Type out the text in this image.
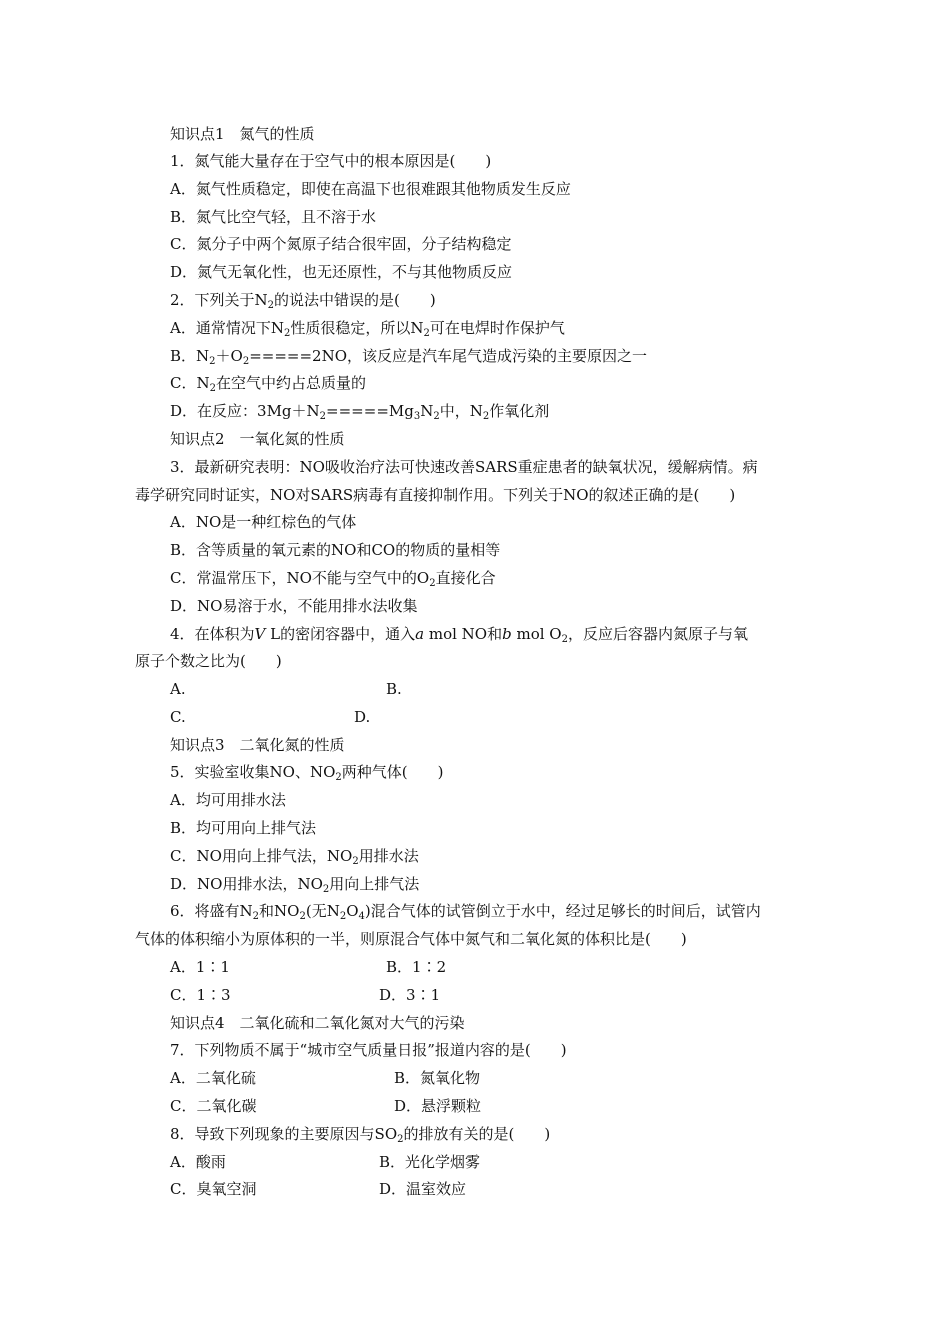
知识点1　氮气的性质
1．氮气能大量存在于空气中的根本原因是(　　)
A．氮气性质稳定，即使在高温下也很难跟其他物质发生反应
B．氮气比空气轻，且不溶于水
C．氮分子中两个氮原子结合很牢固，分子结构稳定
D．氮气无氧化性，也无还原性，不与其他物质反应
2．下列关于$N_2$的说法中错误的是(　　)
A．通常情况下$N_2$性质很稳定，所以$N_2$可在电焊时作保护气
B．$N_2+O_2=====2NO$，该反应是汽车尾气造成污染的主要原因之一
C．$N_2$在空气中约占总质量的
D．在反应：$3Mg+N_2=====Mg_3N_2$中，$N_2$作氧化剂
知识点2　一氧化氮的性质
3．最新研究表明：NO吸收治疗法可快速改善SARS重症患者的缺氧状况，缓解病情。病
毒学研究同时证实，NO对SARS病毒有直接抑制作用。下列关于NO的叙述正确的是(　　)
A．NO是一种红棕色的气体
B．含等质量的氧元素的NO和CO的物质的量相等
C．常温常压下，NO不能与空气中的$O_2$直接化合
D．NO易溶于水，不能用排水法收集
4．在体积为V L的密闭容器中，通入a mol NO和b mol $O_2$，反应后容器内氮原子与氧
原子个数之比为(　　)
A.	B.
C.	D.
知识点3　二氧化氮的性质
5．实验室收集NO、$NO_2$两种气体(　　)
A．均可用排水法
B．均可用向上排气法
C．NO用向上排气法，$NO_2$用排水法
D．NO用排水法，$NO_2$用向上排气法
6．将盛有$N_2$和$NO_2$(无$N_2O_4$)混合气体的试管倒立于水中，经过足够长的时间后，试管内
气体的体积缩小为原体积的一半，则原混合气体中氮气和二氧化氮的体积比是(　　)
A．1∶1	B．1∶2
C．1∶3	D．3∶1
知识点4　二氧化硫和二氧化氮对大气的污染
7．下列物质不属于“城市空气质量日报”报道内容的是(　　)
A．二氧化硫	B．氮氧化物
C．二氧化碳	D．悬浮颗粒
8．导致下列现象的主要原因与$SO_2$的排放有关的是(　　)
A．酸雨	B．光化学烟雾
C．臭氧空洞	D．温室效应
